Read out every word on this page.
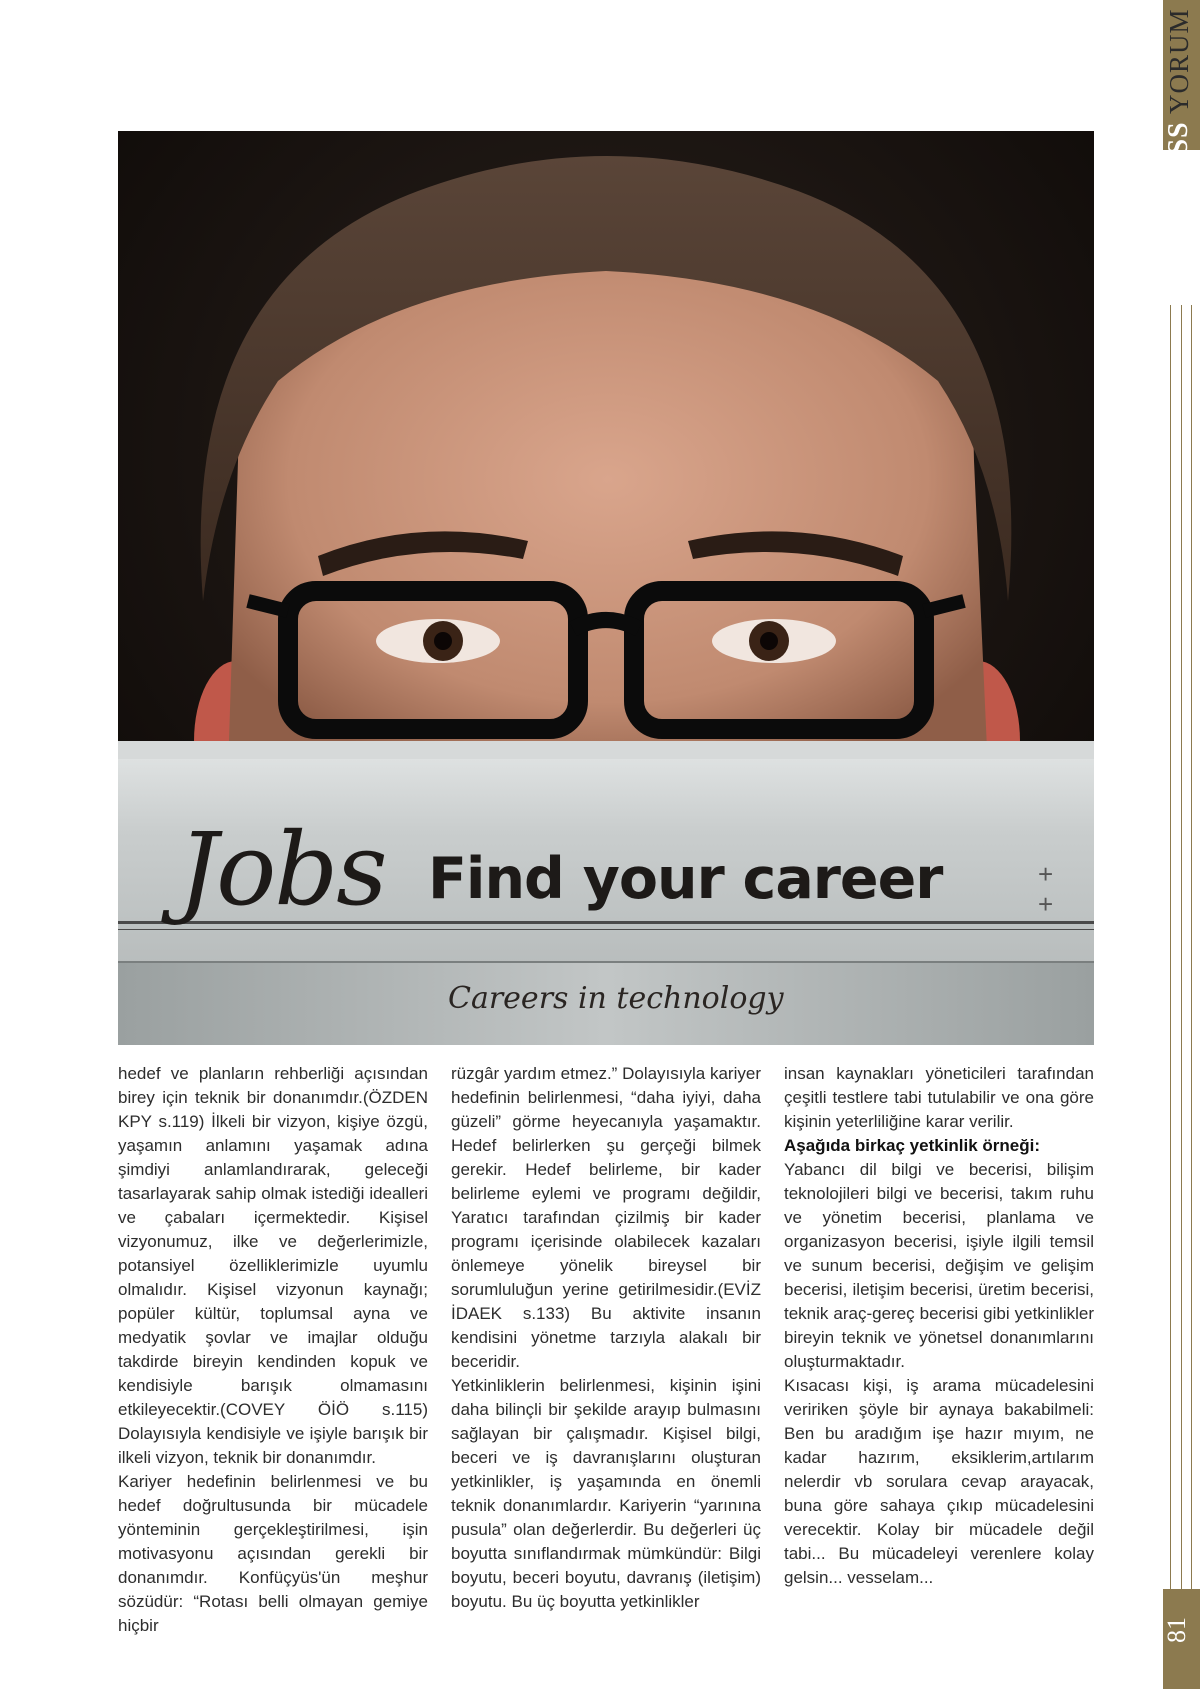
BOSS
YORUM
81
Jobs Find your career	+
+
Careers in technology

hedef ve planların rehberliği açısından birey için teknik bir donanımdır.(ÖZDEN KPY s.119) İlkeli bir vizyon, kişiye özgü, yaşamın anlamını yaşamak adına şimdiyi anlamlandırarak, geleceği tasarlayarak sahip olmak istediği idealleri ve çabaları içermektedir. Kişisel vizyonumuz, ilke ve değerlerimizle, potansiyel özelliklerimizle uyumlu olmalıdır. Kişisel vizyonun kaynağı; popüler kültür, toplumsal ayna ve medyatik şovlar ve imajlar olduğu takdirde bireyin kendinden kopuk ve kendisiyle barışık olmamasını etkileyecektir.(COVEY ÖİÖ s.115) Dolayısıyla kendisiyle ve işiyle barışık bir ilkeli vizyon, teknik bir donanımdır.

Kariyer hedefinin belirlenmesi ve bu hedef doğrultusunda bir mücadele yönteminin gerçekleştirilmesi, işin motivasyonu açısından gerekli bir donanımdır. Konfüçyüs'ün meşhur sözüdür: “Rotası belli olmayan gemiye hiçbir

rüzgâr yardım etmez.” Dolayısıyla kariyer hedefinin belirlenmesi, “daha iyiyi, daha güzeli” görme heyecanıyla yaşamaktır. Hedef belirlerken şu gerçeği bilmek gerekir. Hedef belirleme, bir kader belirleme eylemi ve programı değildir, Yaratıcı tarafından çizilmiş bir kader programı içerisinde olabilecek kazaları önlemeye yönelik bireysel bir sorumluluğun yerine getirilmesidir.(EVİZ İDAEK s.133) Bu aktivite insanın kendisini yönetme tarzıyla alakalı bir beceridir.

Yetkinliklerin belirlenmesi, kişinin işini daha bilinçli bir şekilde arayıp bulmasını sağlayan bir çalışmadır. Kişisel bilgi, beceri ve iş davranışlarını oluşturan yetkinlikler, iş yaşamında en önemli teknik donanımlardır. Kariyerin “yarınına pusula” olan değerlerdir. Bu değerleri üç boyutta sınıflandırmak mümkündür: Bilgi boyutu, beceri boyutu, davranış (iletişim) boyutu. Bu üç boyutta yetkinlikler

insan kaynakları yöneticileri tarafından çeşitli testlere tabi tutulabilir ve ona göre kişinin yeterliliğine karar verilir.

Aşağıda birkaç yetkinlik örneği:

Yabancı dil bilgi ve becerisi, bilişim teknolojileri bilgi ve becerisi, takım ruhu ve yönetim becerisi, planlama ve organizasyon becerisi, işiyle ilgili temsil ve sunum becerisi, değişim ve gelişim becerisi, iletişim becerisi, üretim becerisi, teknik araç-gereç becerisi gibi yetkinlikler bireyin teknik ve yönetsel donanımlarını oluşturmaktadır.

Kısacası kişi, iş arama mücadelesini veririken şöyle bir aynaya bakabilmeli: Ben bu aradığım işe hazır mıyım, ne kadar hazırım, eksiklerim,artılarım nelerdir vb sorulara cevap arayacak, buna göre sahaya çıkıp mücadelesini verecektir. Kolay bir mücadele değil tabi... Bu mücadeleyi verenlere kolay gelsin... vesselam...
